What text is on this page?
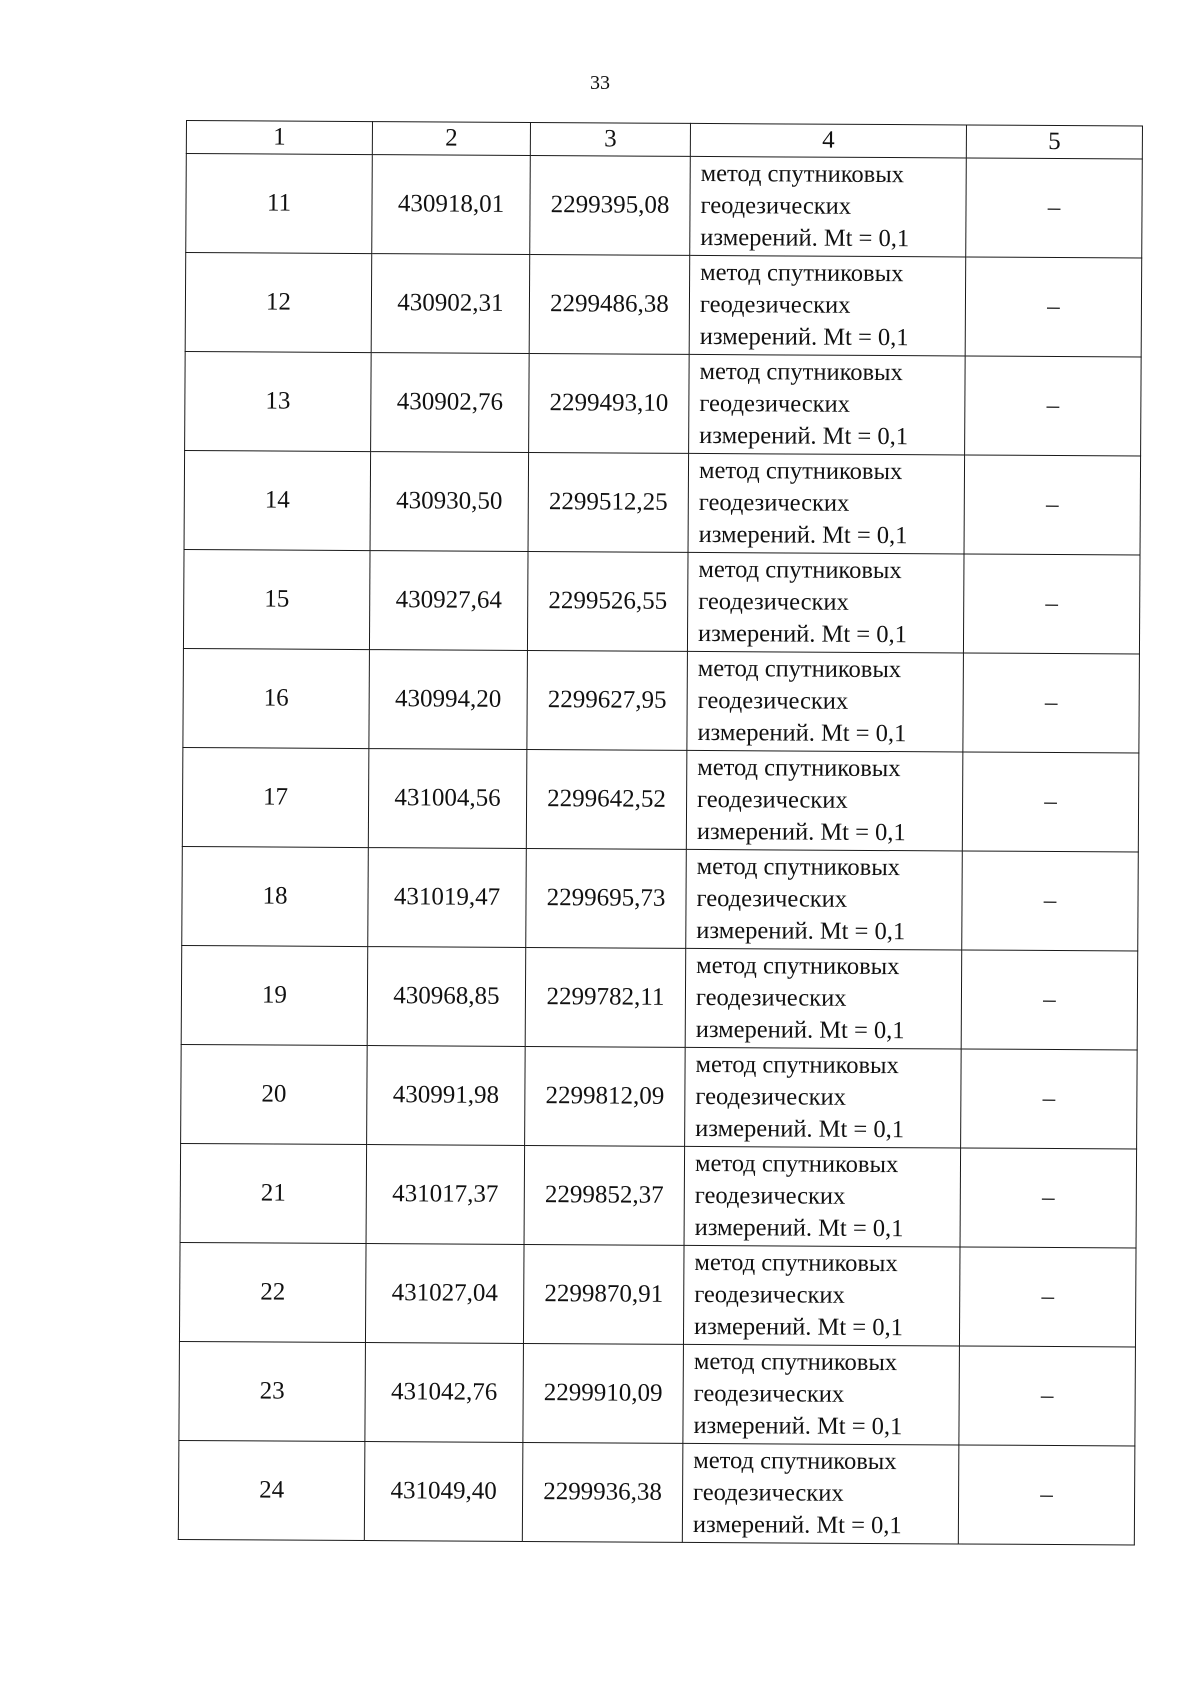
33
1	2	3	4	5
11	430918,01	2299395,08	метод спутниковых
геодезических
измерений. Mt = 0,1	–
12	430902,31	2299486,38	метод спутниковых
геодезических
измерений. Mt = 0,1	–
13	430902,76	2299493,10	метод спутниковых
геодезических
измерений. Mt = 0,1	–
14	430930,50	2299512,25	метод спутниковых
геодезических
измерений. Mt = 0,1	–
15	430927,64	2299526,55	метод спутниковых
геодезических
измерений. Mt = 0,1	–
16	430994,20	2299627,95	метод спутниковых
геодезических
измерений. Mt = 0,1	–
17	431004,56	2299642,52	метод спутниковых
геодезических
измерений. Mt = 0,1	–
18	431019,47	2299695,73	метод спутниковых
геодезических
измерений. Mt = 0,1	–
19	430968,85	2299782,11	метод спутниковых
геодезических
измерений. Mt = 0,1	–
20	430991,98	2299812,09	метод спутниковых
геодезических
измерений. Mt = 0,1	–
21	431017,37	2299852,37	метод спутниковых
геодезических
измерений. Mt = 0,1	–
22	431027,04	2299870,91	метод спутниковых
геодезических
измерений. Mt = 0,1	–
23	431042,76	2299910,09	метод спутниковых
геодезических
измерений. Mt = 0,1	–
24	431049,40	2299936,38	метод спутниковых
геодезических
измерений. Mt = 0,1	–
